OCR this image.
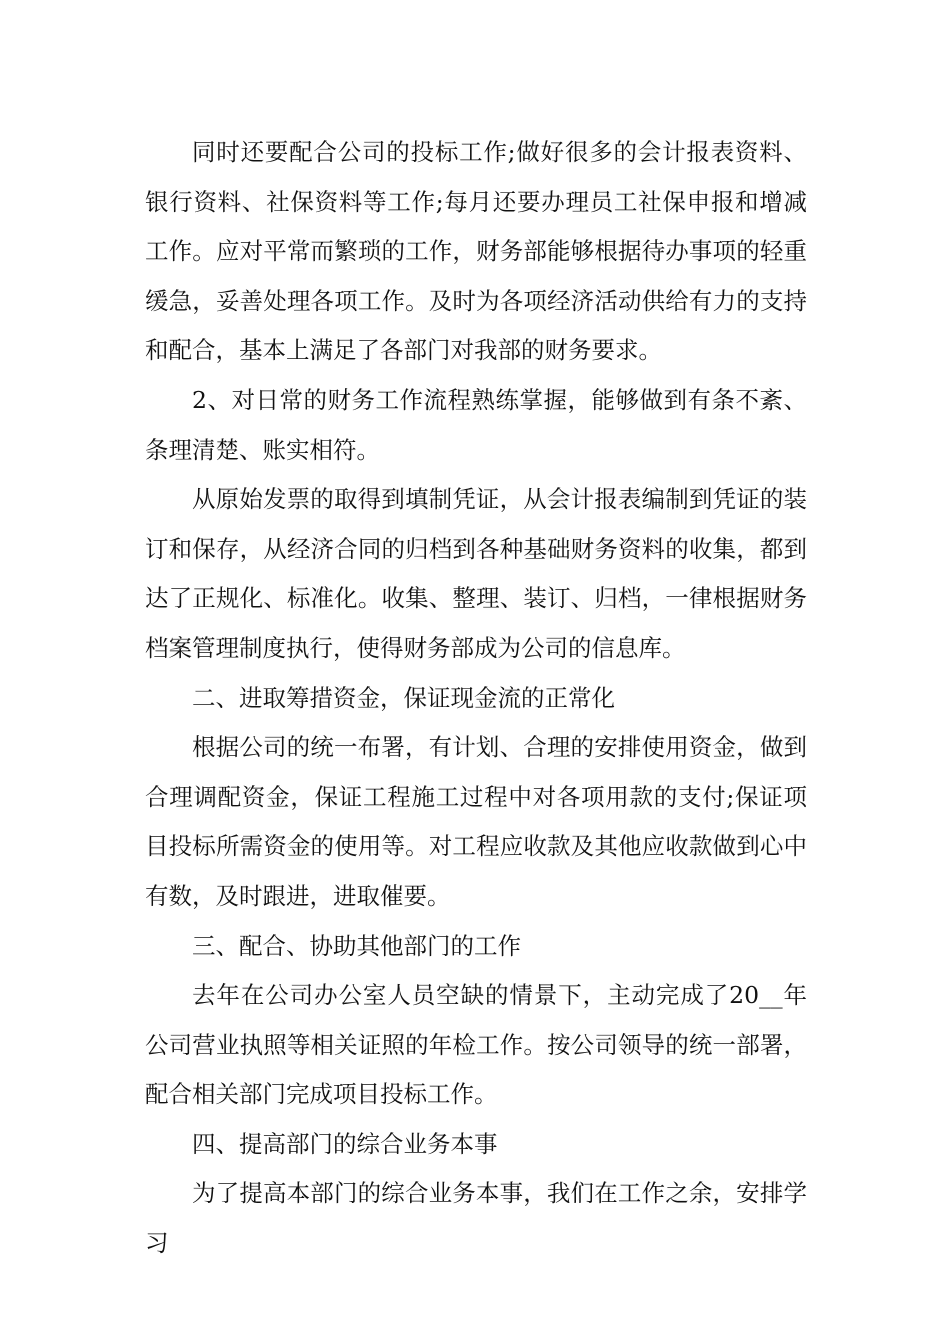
同时还要配合公司的投标工作;做好很多的会计报表资料、银行资料、社保资料等工作;每月还要办理员工社保申报和增减工作。应对平常而繁琐的工作，财务部能够根据待办事项的轻重缓急，妥善处理各项工作。及时为各项经济活动供给有力的支持和配合，基本上满足了各部门对我部的财务要求。

2、对日常的财务工作流程熟练掌握，能够做到有条不紊、条理清楚、账实相符。

从原始发票的取得到填制凭证，从会计报表编制到凭证的装订和保存，从经济合同的归档到各种基础财务资料的收集，都到达了正规化、标准化。收集、整理、装订、归档，一律根据财务档案管理制度执行，使得财务部成为公司的信息库。

二、进取筹措资金，保证现金流的正常化

根据公司的统一布署，有计划、合理的安排使用资金，做到合理调配资金，保证工程施工过程中对各项用款的支付;保证项目投标所需资金的使用等。对工程应收款及其他应收款做到心中有数，及时跟进，进取催要。

三、配合、协助其他部门的工作

去年在公司办公室人员空缺的情景下，主动完成了20__年公司营业执照等相关证照的年检工作。按公司领导的统一部署，配合相关部门完成项目投标工作。

四、提高部门的综合业务本事

为了提高本部门的综合业务本事，我们在工作之余，安排学习
